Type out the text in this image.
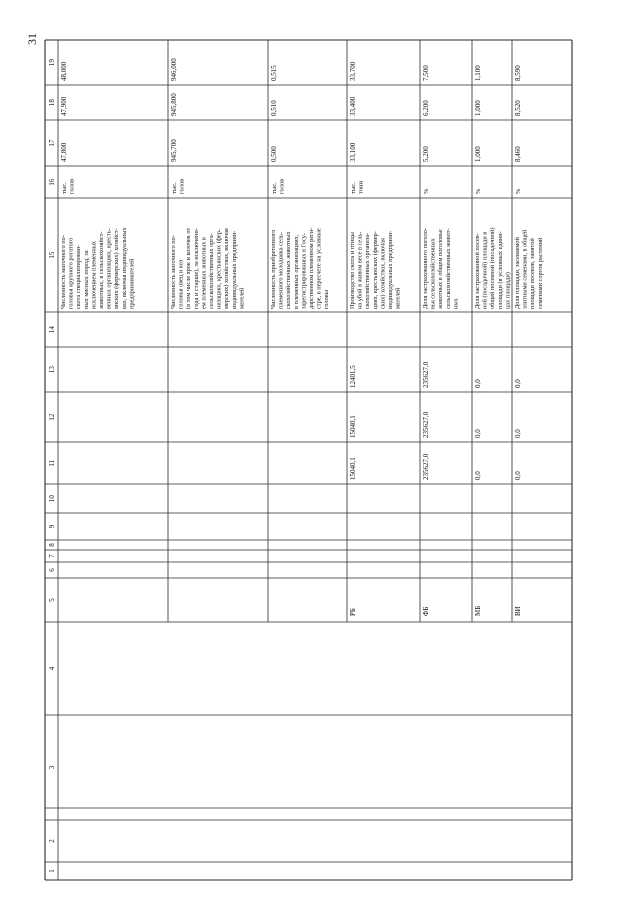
31
1
2
3
4
5
6
7
8
9
10
11
12
13
14
15
16
17
18
19
Численность маточного по- головья крупного рогатого скота специализирован- ных мясных пород, за исключением племенных животных, в сельскохозяйст- венных организациях, кресть- янских (фермерских) хозяйст- вах, включая индивидуальных предпринимателей
тыс. голов
47,800
47,900
48,000
Численность маточного по- головья овец и коз (в том числе ярок и козочек от года и старше), за исключени- ем племенных животных в сельскохозяйственных орга- низациях, крестьянских (фер- мерских) хозяйствах, включая индивидуальных предприни- мателей
тыс. голов
945,700
945,800
946,000
Численность приобретенного племенного молодняка сель- скохозяйственных животных в племенных организациях, зарегистрированных в Госу- дарственном племенном реги- стре, в пересчете на условные головы
тыс. голов
0,500
0,510
0,515
Производство скота и птицы на убой в живом весе в сель- скохозяйственных организа- циях, крестьянских (фермер- ских) хозяйствах, включая индивидуальных предприни- мателей
тыс. тонн
33,100
33,400
33,700
РБ
15040,1
15040,1
12401,5
Доля застрахованного поголо- вья сельскохозяйственных животных в общем поголовье сельскохозяйственных живот- ных
%
5,200
6,200
7,500
ФБ
235627,0
235627,0
235627,0
Доля застрахованной посев- ной (посадочной) площади в общей посевной (посадочной) площади (в условных едини- цах площади)
%
1,000
1,000
1,100
МБ
0,0
0,0
0,0
Доля площади, засеваемой элитными семенами, в общей площади посевов, занятой семенами сортов растений
%
8,460
8,520
8,590
ВИ
0,0
0,0
0,0
